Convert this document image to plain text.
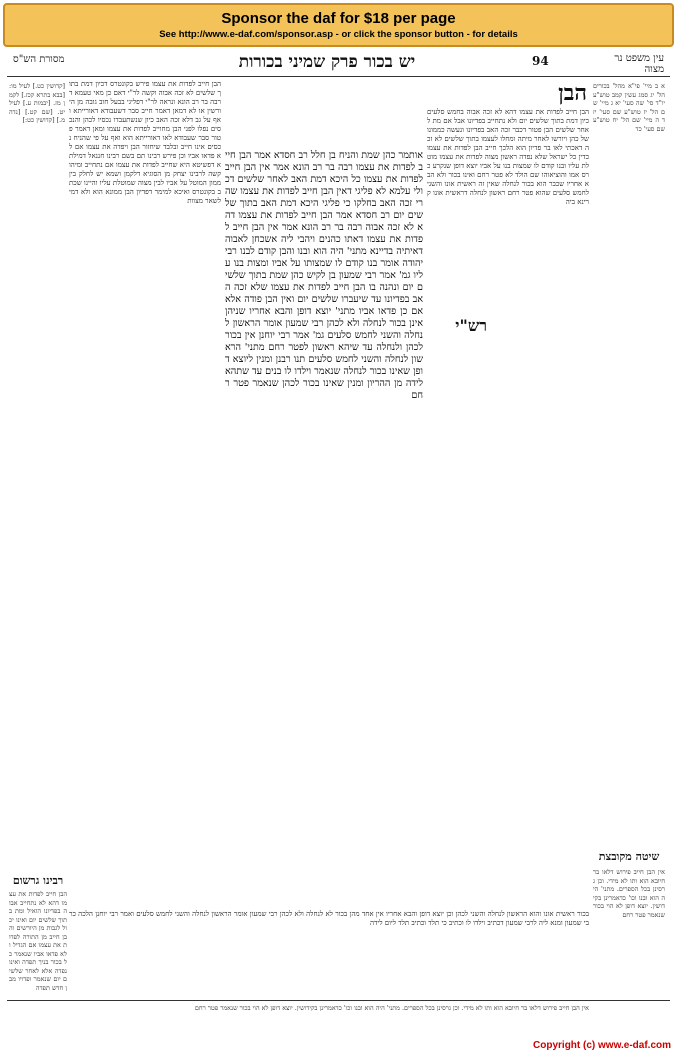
Sponsor the daf for $18 per page
See http://www.e-daf.com/sponsor.asp - or click the sponsor button - for details
מסורת הש"ס	יש בכור פרק שמיני בכורות	94	עין משפט נר מצוה
א ב מיי' פי"א מהל' בכורים הל' יג סמג עשין קמב טוש"ע יו"ד סי' שה סעי' יא ג מיי' שם הל' יז טוש"ע שם סעי' יז ד ה מיי' שם הל' יח טוש"ע שם סעי' כד
שיטה מקובצת
אין הבן חייב פירוש דלאו בר חיובא הוא ותו לא מידי. וכן גרסינן בכל הספרים. מתני' היה הוא ובנו וכו' כדאמרינן בקידושין. יוצא דופן לא הוי בכור שנאמר פטר רחם
הבן
הבן חייב לפדות את עצמו דהא לא זכה אבוה בחמש סלעים כיון דמת בתוך שלשים יום ולא נתחייב בפדיונו אבל אם מת לאחר שלשים הבן פטור דכבר זכה האב בפדיונו ונעשה כממונו של כהן ויורשו לאחר מיתה ומחלו לעצמו בתוך שלשים לא זכה דאכתי לאו בר פדיון הוא הלכך חייב הבן לפדות את עצמו כדין כל ישראל שלא נפדה ראשון מצוה לפדות את עצמו מוטלת עליו ובנו קודם לו שמצות בנו על אביו יוצא דופן שנקרע כרס אמו והוציאוהו שם הולד לא פטר רחם ואינו בכור ולא הבא אחריו שכבר הוא בכור לנחלה שאין זה ראשית אונו והשני לחמש סלעים שהוא פטר רחם ראשון לנחלה דראשית אונו קרינא ביה
רש"י
אותמר כהן שמת והניח בן חלל רב חסדא אמר הבן חייב לפדות את עצמו רבה בר רב הונא אמר אין הבן חייב לפדות את עצמו כל היכא דמת האב לאחר שלשים דכולי עלמא לא פליגי דאין הבן חייב לפדות את עצמו שהרי זכה האב בחלקו כי פליגי היכא דמת האב בתוך שלשים יום רב חסדא אמר הבן חייב לפדות את עצמו דהא לא זכה אבוה רבה בר רב הונא אמר אין הבן חייב לפדות את עצמו דאתו כהנים ויהבי ליה אשכחן לאבוה דאיתיה בדיינא מתני' היה הוא ובנו והבן קודם לבנו רבי יהודה אומר בנו קודם לו שמצותו על אביו ומצות בנו עליו גמ' אמר רבי שמעון בן לקיש כהן שמת בתוך שלשים יום ונהנה בו הבן חייב לפדות את עצמו שלא זכה האב בפדיונו עד שיעברו שלשים יום ואין הבן פודה אלא אם כן פדאו אביו מתני' יוצא דופן והבא אחריו שניהן אינן בכור לנחלה ולא לכהן רבי שמעון אומר הראשון לנחלה והשני לחמש סלעים גמ' אמר רבי יוחנן אין בכור לכהן ולנחלה עד שיהא ראשון לפטר רחם מתני' הראשון לנחלה והשני לחמש סלעים תנו רבנן ומנין ליוצא דופן שאינו בכור לנחלה שנאמר וילדו לו בנים עד שתהא לידה מן ההריון ומנין שאינו בכור לכהן שנאמר פטר רחם
הבן חייב לפדות את עצמו פירש בקונטרס דכיון דמת בתוך שלשים לא זכה אבוה וקשה לר"י דאם כן מאי טעמא דרבה בר רב הונא ונראה לר"י דפליגי בבעל חוב גובה מן היורשין או לא דמאן דאמר חייב סבר דשעבודא דאורייתא ואף על גב דלא זכה האב כיון שנשתעבדו נכסיו לכהן והנכסים נפלו לפני הבן מחוייב לפדות את עצמו ומאן דאמר פטור סבר שעבודא לאו דאורייתא הוא ואף על פי שהניח נכסים אינו חייב ובלבד שיחזור הבן ויפדה את עצמו אם לא פדאו אביו וכן פירש רבינו תם בשם רבינו חננאל דמילתא דפשיטא היא שחייב לפדות את עצמו אם נתחייב ומיהו קשה לרבינו יצחק מן הסוגיא דלקמן ושמא יש לחלק בין ממון המוטל על אביו לבין מצוה שמוטלת עליו והיינו שכתב בקונטרס ואיכא למימר דפדיון הבן ממונא הוא ולא דמי לשאר מצוות
[קדושין כט.] לעיל מו: [בבא בתרא קכז.] לקמן מז. [יבמות ע.] לעיל יט. [שם קט.] [נדה מ.] [קדושין כט:]
רבינו גרשום
הבן חייב לפדות את עצמו דהא לא נתחייב אבוה בפדיונו הואיל ומת בתוך שלשים יום ואינו יכול לגבות מן היורשים והבן חייב מן התורה לפדות את עצמו אם הגדיל ולא פדאו אביו שנאמר כל בכור בניך תפדה ואינו נפדה אלא לאחר שלשים יום שנאמר ופדויו מבן חדש תפדה
בכור ראשית אונו והוא הראשון לנחלה והשני לכהן וכן יוצא דופן והבא אחריו אין אחד מהן בכור לא לנחלה ולא לכהן רבי שמעון אומר הראשון לנחלה והשני לחמש סלעים ואמר רבי יוחנן הלכה כרבי שמעון ומנא ליה לרבי שמעון דכתיב וילדו לו וכתיב כי תלד וכתיב תלד ליום לידה
אין הבן חייב פירוש דלאו בר חיובא הוא ותו לא מידי. וכן גרסינן בכל הספרים. מתני' היה הוא ובנו וכו' כדאמרינן בקידושין. יוצא דופן לא הוי בכור שנאמר פטר רחם
Copyright (c) www.e-daf.com
